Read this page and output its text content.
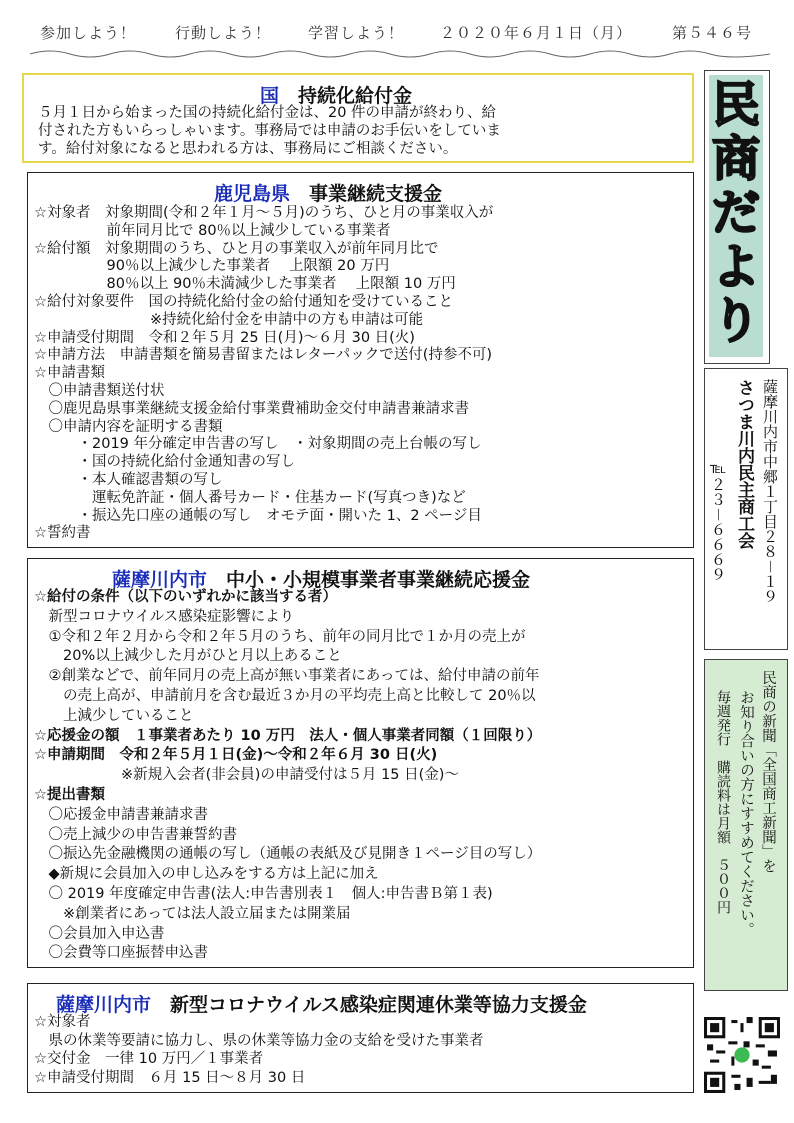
参加しよう！	行動しよう！ 学習しよう！ ２０２０年６月１日（月）	第５４６号
国　 持続化給付金
５月１日から始まった国の持続化給付金は、20 件の申請が終わり、給
付された方もいらっしゃいます。事務局では申請のお手伝いをしていま
す。給付対象になると思われる方は、事務局にご相談ください。
鹿児島県　 事業継続支援金
☆対象者　対象期間(令和２年１月～５月)のうち、ひと月の事業収入が
　　　　　前年同月比で 80％以上減少している事業者
☆給付額　対象期間のうち、ひと月の事業収入が前年同月比で
　　　　　90％以上減少した事業者　 上限額 20 万円
　　　　　80％以上 90％未満減少した事業者　 上限額 10 万円
☆給付対象要件　国の持続化給付金の給付通知を受けていること
　　　　　　　　※持続化給付金を申請中の方も申請は可能
☆申請受付期間　令和２年５月 25 日(月)～６月 30 日(火)
☆申請方法　申請書類を簡易書留またはレターパックで送付(持参不可)
☆申請書類
　〇申請書類送付状
　〇鹿児島県事業継続支援金給付事業費補助金交付申請書兼請求書
　〇申請内容を証明する書類
　　　・2019 年分確定申告書の写し　・対象期間の売上台帳の写し
　　　・国の持続化給付金通知書の写し
　　　・本人確認書類の写し
　　　　運転免許証・個人番号カード・住基カード(写真つき)など
　　　・振込先口座の通帳の写し　オモテ面・開いた 1、2 ページ目
☆誓約書
薩摩川内市　 中小・小規模事業者事業継続応援金
☆給付の条件（以下のいずれかに該当する者）
　新型コロナウイルス感染症影響により
　①令和２年２月から令和２年５月のうち、前年の同月比で１か月の売上が
　　20%以上減少した月がひと月以上あること
　②創業などで、前年同月の売上高が無い事業者にあっては、給付申請の前年
　　の売上高が、申請前月を含む最近３か月の平均売上高と比較して 20％以
　　上減少していること
☆応援金の額　１事業者あたり 10 万円　法人・個人事業者同額（１回限り）
☆申請期間　令和２年５月１日(金)～令和２年６月 30 日(火)
　　　　　　※新規入会者(非会員)の申請受付は５月 15 日(金)～
☆提出書類
　〇応援金申請書兼請求書
　〇売上減少の申告書兼誓約書
　〇振込先金融機関の通帳の写し（通帳の表紙及び見開き１ページ目の写し）
　◆新規に会員加入の申し込みをする方は上記に加え
　〇 2019 年度確定申告書(法人:申告書別表１　個人:申告書Ｂ第１表)
　　※創業者にあっては法人設立届または開業届
　〇会員加入申込書
　〇会費等口座振替申込書
薩摩川内市　 新型コロナウイルス感染症関連休業等協力支援金
☆対象者
　県の休業等要請に協力し、県の休業等協力金の支給を受けた事業者
☆交付金　一律 10 万円／１事業者
☆申請受付期間　６月 15 日～８月 30 日
民
商
だ
よ
り
薩摩川内市中郷１丁目２８－１９
さつま川内民主商工会
℡２３－６６６９
民商の新聞「全国商工新聞」を
お知り合いの方にすすめてください。
毎週発行　購読料は月額　５００円
